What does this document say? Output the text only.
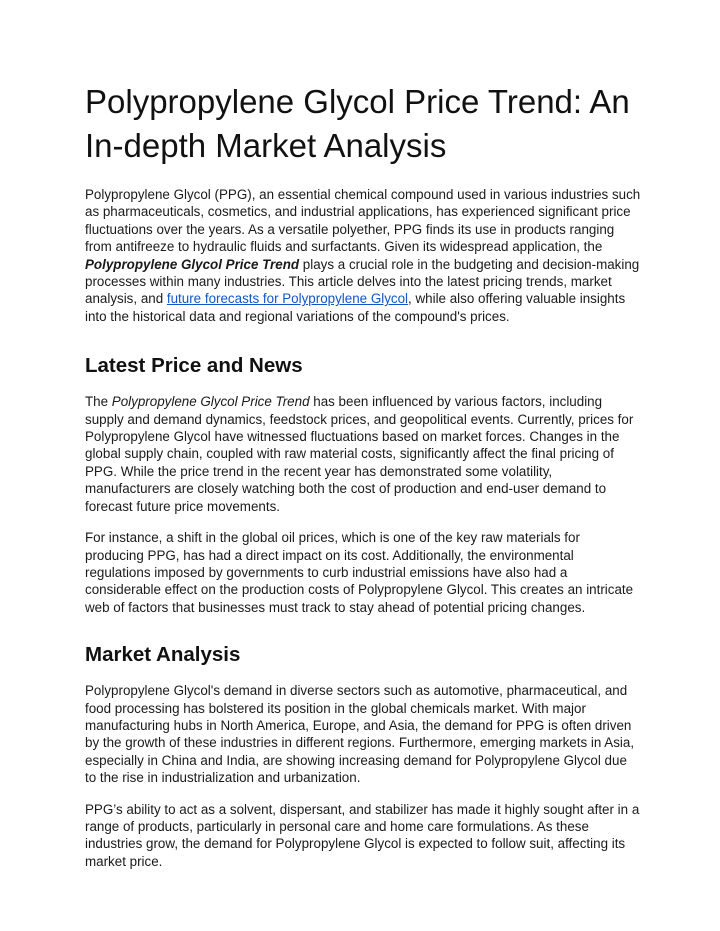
Polypropylene Glycol Price Trend: An In-depth Market Analysis

Polypropylene Glycol (PPG), an essential chemical compound used in various industries such as pharmaceuticals, cosmetics, and industrial applications, has experienced significant price fluctuations over the years. As a versatile polyether, PPG finds its use in products ranging from antifreeze to hydraulic fluids and surfactants. Given its widespread application, the Polypropylene Glycol Price Trend plays a crucial role in the budgeting and decision-making processes within many industries. This article delves into the latest pricing trends, market analysis, and future forecasts for Polypropylene Glycol, while also offering valuable insights into the historical data and regional variations of the compound's prices.

Latest Price and News

The Polypropylene Glycol Price Trend has been influenced by various factors, including supply and demand dynamics, feedstock prices, and geopolitical events. Currently, prices for Polypropylene Glycol have witnessed fluctuations based on market forces. Changes in the global supply chain, coupled with raw material costs, significantly affect the final pricing of PPG. While the price trend in the recent year has demonstrated some volatility, manufacturers are closely watching both the cost of production and end-user demand to forecast future price movements.

For instance, a shift in the global oil prices, which is one of the key raw materials for producing PPG, has had a direct impact on its cost. Additionally, the environmental regulations imposed by governments to curb industrial emissions have also had a considerable effect on the production costs of Polypropylene Glycol. This creates an intricate web of factors that businesses must track to stay ahead of potential pricing changes.

Market Analysis

Polypropylene Glycol's demand in diverse sectors such as automotive, pharmaceutical, and food processing has bolstered its position in the global chemicals market. With major manufacturing hubs in North America, Europe, and Asia, the demand for PPG is often driven by the growth of these industries in different regions. Furthermore, emerging markets in Asia, especially in China and India, are showing increasing demand for Polypropylene Glycol due to the rise in industrialization and urbanization.

PPG’s ability to act as a solvent, dispersant, and stabilizer has made it highly sought after in a range of products, particularly in personal care and home care formulations. As these industries grow, the demand for Polypropylene Glycol is expected to follow suit, affecting its market price.
